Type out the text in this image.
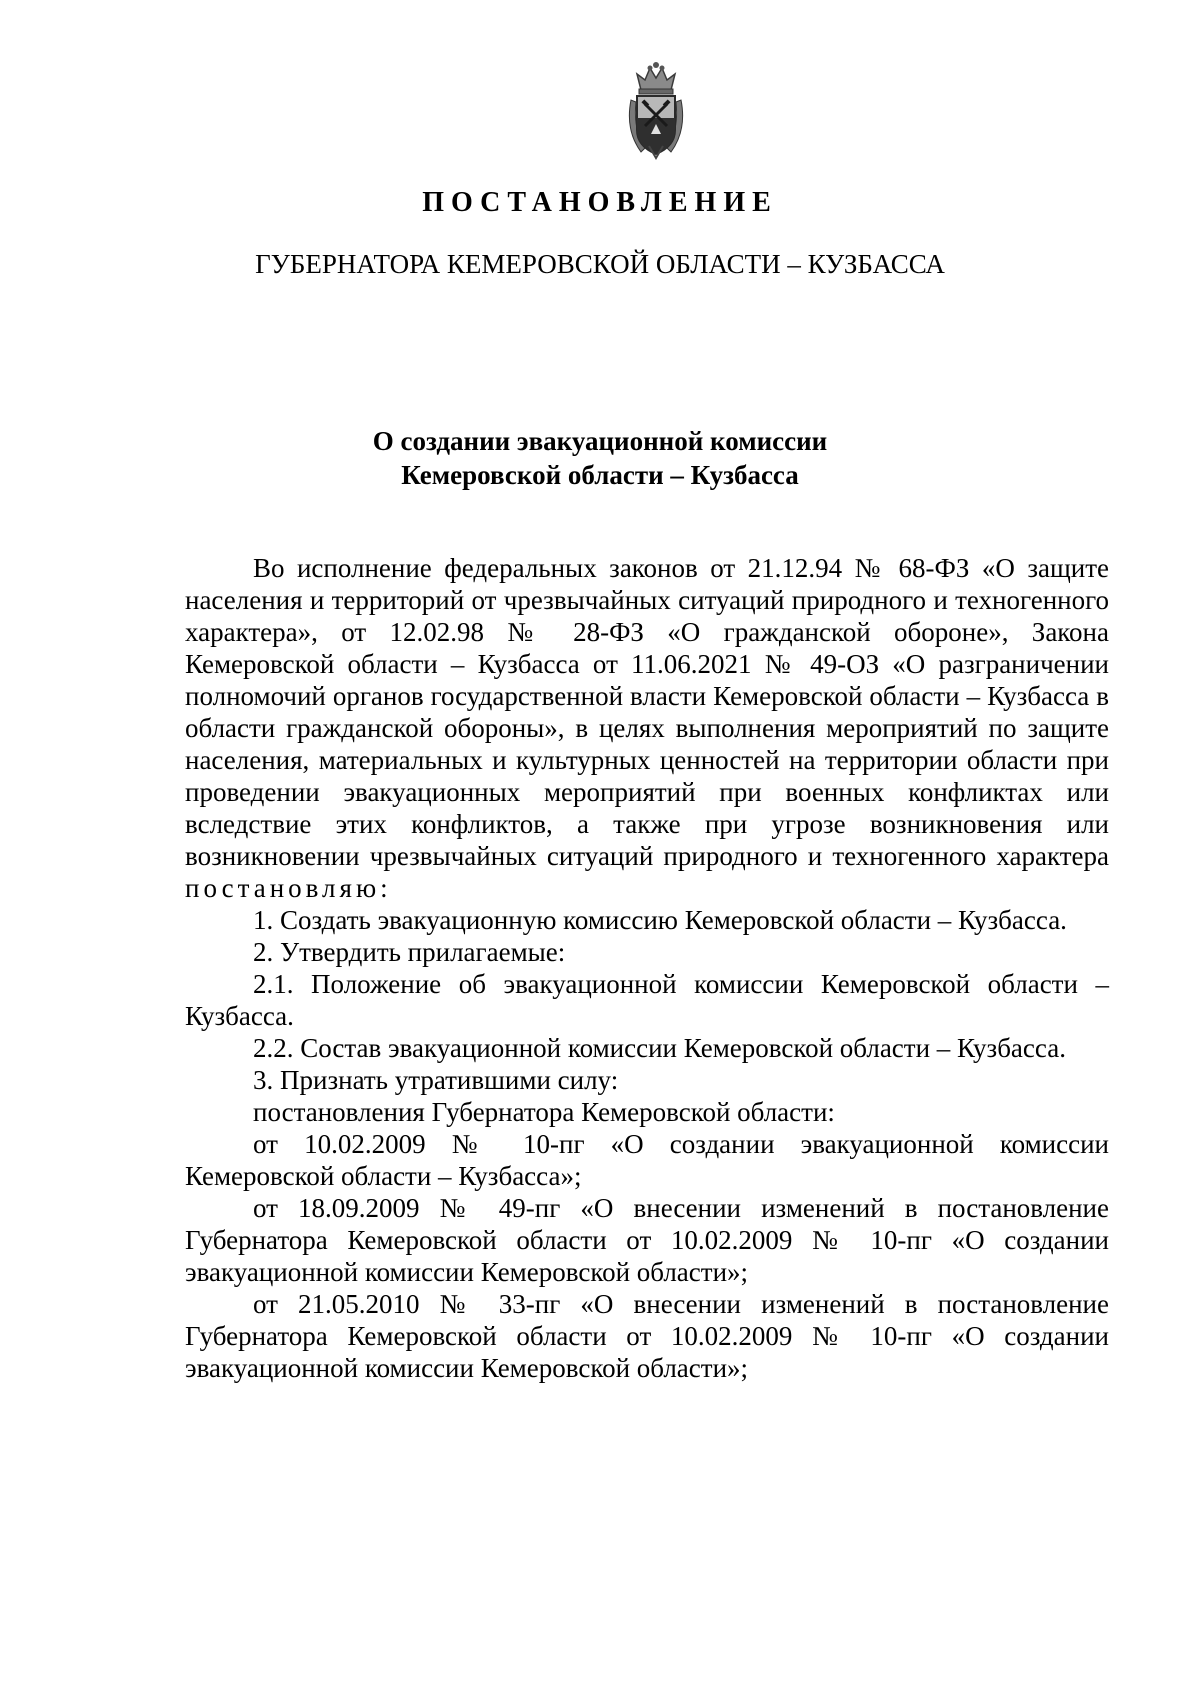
ПОСТАНОВЛЕНИЕ
ГУБЕРНАТОРА КЕМЕРОВСКОЙ ОБЛАСТИ – КУЗБАССА
О создании эвакуационной комиссии
Кемеровской области – Кузбасса

Во исполнение федеральных законов от 21.12.94 № 68-ФЗ «О защите населения и территорий от чрезвычайных ситуаций природного и техногенного характера», от 12.02.98 № 28-ФЗ «О гражданской обороне», Закона Кемеровской области – Кузбасса от 11.06.2021 № 49-ОЗ «О разграничении полномочий органов государственной власти Кемеровской области – Кузбасса в области гражданской обороны», в целях выполнения мероприятий по защите населения, материальных и культурных ценностей на территории области при проведении эвакуационных мероприятий при военных конфликтах или вследствие этих конфликтов, а также при угрозе возникновения или возникновении чрезвычайных ситуаций природного и техногенного характера постановляю:

1. Создать эвакуационную комиссию Кемеровской области – Кузбасса.

2. Утвердить прилагаемые:

2.1. Положение об эвакуационной комиссии Кемеровской области – Кузбасса.

2.2. Состав эвакуационной комиссии Кемеровской области – Кузбасса.

3. Признать утратившими силу:

постановления Губернатора Кемеровской области:

от 10.02.2009 № 10-пг «О создании эвакуационной комиссии Кемеровской области – Кузбасса»;

от 18.09.2009 № 49-пг «О внесении изменений в постановление Губернатора Кемеровской области от 10.02.2009 № 10-пг «О создании эвакуационной комиссии Кемеровской области»;

от 21.05.2010 № 33-пг «О внесении изменений в постановление Губернатора Кемеровской области от 10.02.2009 № 10-пг «О создании эвакуационной комиссии Кемеровской области»;
